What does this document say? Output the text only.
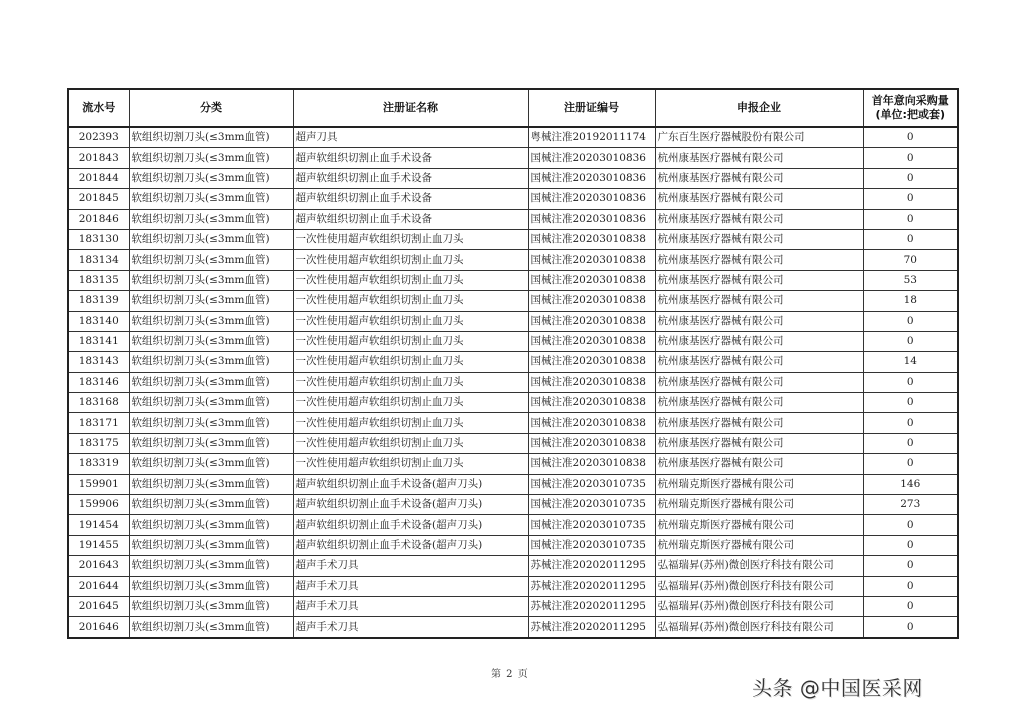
流水号	分类	注册证名称	注册证编号	申报企业	首年意向采购量
(单位:把或套)
202393	软组织切割刀头(≤3mm血管)	超声刀具	粤械注准20192011174	广东百生医疗器械股份有限公司	0
201843	软组织切割刀头(≤3mm血管)	超声软组织切割止血手术设备	国械注准20203010836	杭州康基医疗器械有限公司	0
201844	软组织切割刀头(≤3mm血管)	超声软组织切割止血手术设备	国械注准20203010836	杭州康基医疗器械有限公司	0
201845	软组织切割刀头(≤3mm血管)	超声软组织切割止血手术设备	国械注准20203010836	杭州康基医疗器械有限公司	0
201846	软组织切割刀头(≤3mm血管)	超声软组织切割止血手术设备	国械注准20203010836	杭州康基医疗器械有限公司	0
183130	软组织切割刀头(≤3mm血管)	一次性使用超声软组织切割止血刀头	国械注准20203010838	杭州康基医疗器械有限公司	0
183134	软组织切割刀头(≤3mm血管)	一次性使用超声软组织切割止血刀头	国械注准20203010838	杭州康基医疗器械有限公司	70
183135	软组织切割刀头(≤3mm血管)	一次性使用超声软组织切割止血刀头	国械注准20203010838	杭州康基医疗器械有限公司	53
183139	软组织切割刀头(≤3mm血管)	一次性使用超声软组织切割止血刀头	国械注准20203010838	杭州康基医疗器械有限公司	18
183140	软组织切割刀头(≤3mm血管)	一次性使用超声软组织切割止血刀头	国械注准20203010838	杭州康基医疗器械有限公司	0
183141	软组织切割刀头(≤3mm血管)	一次性使用超声软组织切割止血刀头	国械注准20203010838	杭州康基医疗器械有限公司	0
183143	软组织切割刀头(≤3mm血管)	一次性使用超声软组织切割止血刀头	国械注准20203010838	杭州康基医疗器械有限公司	14
183146	软组织切割刀头(≤3mm血管)	一次性使用超声软组织切割止血刀头	国械注准20203010838	杭州康基医疗器械有限公司	0
183168	软组织切割刀头(≤3mm血管)	一次性使用超声软组织切割止血刀头	国械注准20203010838	杭州康基医疗器械有限公司	0
183171	软组织切割刀头(≤3mm血管)	一次性使用超声软组织切割止血刀头	国械注准20203010838	杭州康基医疗器械有限公司	0
183175	软组织切割刀头(≤3mm血管)	一次性使用超声软组织切割止血刀头	国械注准20203010838	杭州康基医疗器械有限公司	0
183319	软组织切割刀头(≤3mm血管)	一次性使用超声软组织切割止血刀头	国械注准20203010838	杭州康基医疗器械有限公司	0
159901	软组织切割刀头(≤3mm血管)	超声软组织切割止血手术设备(超声刀头)	国械注准20203010735	杭州瑞克斯医疗器械有限公司	146
159906	软组织切割刀头(≤3mm血管)	超声软组织切割止血手术设备(超声刀头)	国械注准20203010735	杭州瑞克斯医疗器械有限公司	273
191454	软组织切割刀头(≤3mm血管)	超声软组织切割止血手术设备(超声刀头)	国械注准20203010735	杭州瑞克斯医疗器械有限公司	0
191455	软组织切割刀头(≤3mm血管)	超声软组织切割止血手术设备(超声刀头)	国械注准20203010735	杭州瑞克斯医疗器械有限公司	0
201643	软组织切割刀头(≤3mm血管)	超声手术刀具	苏械注准20202011295	弘福瑞昇(苏州)微创医疗科技有限公司	0
201644	软组织切割刀头(≤3mm血管)	超声手术刀具	苏械注准20202011295	弘福瑞昇(苏州)微创医疗科技有限公司	0
201645	软组织切割刀头(≤3mm血管)	超声手术刀具	苏械注准20202011295	弘福瑞昇(苏州)微创医疗科技有限公司	0
201646	软组织切割刀头(≤3mm血管)	超声手术刀具	苏械注准20202011295	弘福瑞昇(苏州)微创医疗科技有限公司	0
第 2 页
头条 @中国医采网
